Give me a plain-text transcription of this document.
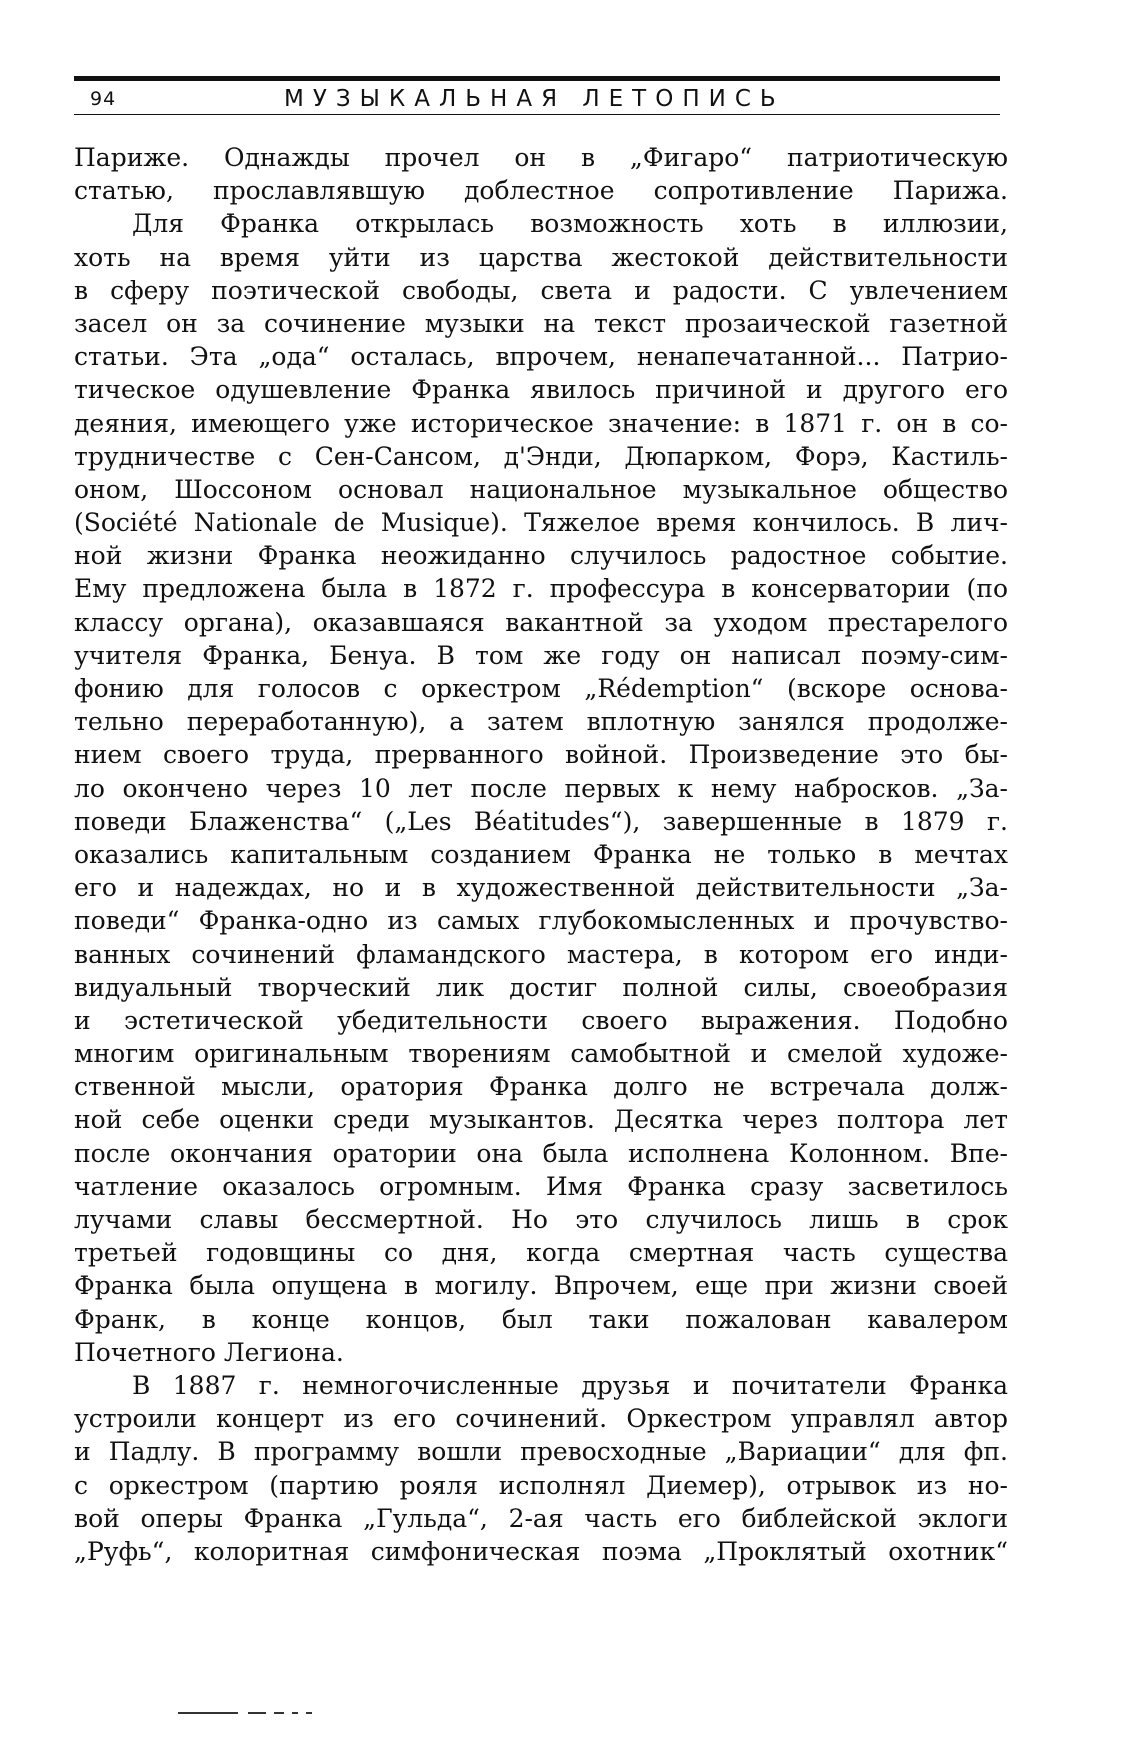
94	МУЗЫКАЛЬНАЯ ЛЕТОПИСЬ
Париже. Однажды прочел он в „Фигаро“ патриотическую
статью, прославлявшую доблестное сопротивление Парижа.
Для Франка открылась возможность хоть в иллюзии,
хоть на время уйти из царства жестокой действительности
в сферу поэтической свободы, света и радости. С увлечением
засел он за сочинение музыки на текст прозаической газетной
статьи. Эта „ода“ осталась, впрочем, ненапечатанной... Патрио-
тическое одушевление Франка явилось причиной и другого его
деяния, имеющего уже историческое значение: в 1871 г. он в со-
трудничестве с Сен-Сансом, д'Энди, Дюпарком, Форэ, Кастиль-
оном, Шоссоном основал национальное музыкальное общество
(Société Nationale de Musique). Тяжелое время кончилось. В лич-
ной жизни Франка неожиданно случилось радостное событие.
Ему предложена была в 1872 г. профессура в консерватории (по
классу органа), оказавшаяся вакантной за уходом престарелого
учителя Франка, Бенуа. В том же году он написал поэму-сим-
фонию для голосов с оркестром „Rédemption“ (вскоре основа-
тельно переработанную), а затем вплотную занялся продолже-
нием своего труда, прерванного войной. Произведение это бы-
ло окончено через 10 лет после первых к нему набросков. „За-
поведи Блаженства“ („Les Béatitudes“), завершенные в 1879 г.
оказались капитальным созданием Франка не только в мечтах
его и надеждах, но и в художественной действительности „За-
поведи“ Франка-одно из самых глубокомысленных и прочувство-
ванных сочинений фламандского мастера, в котором его инди-
видуальный творческий лик достиг полной силы, своеобразия
и эстетической убедительности своего выражения. Подобно
многим оригинальным творениям самобытной и смелой художе-
ственной мысли, оратория Франка долго не встречала долж-
ной себе оценки среди музыкантов. Десятка через полтора лет
после окончания оратории она была исполнена Колонном. Впе-
чатление оказалось огромным. Имя Франка сразу засветилось
лучами славы бессмертной. Но это случилось лишь в срок
третьей годовщины со дня, когда смертная часть существа
Франка была опущена в могилу. Впрочем, еще при жизни своей
Франк, в конце концов, был таки пожалован кавалером
Почетного Легиона.
В 1887 г. немногочисленные друзья и почитатели Франка
устроили концерт из его сочинений. Оркестром управлял автор
и Падлу. В программу вошли превосходные „Вариации“ для фп.
с оркестром (партию рояля исполнял Диемер), отрывок из но-
вой оперы Франка „Гульда“, 2-ая часть его библейской эклоги
„Руфь“, колоритная симфоническая поэма „Проклятый охотник“
